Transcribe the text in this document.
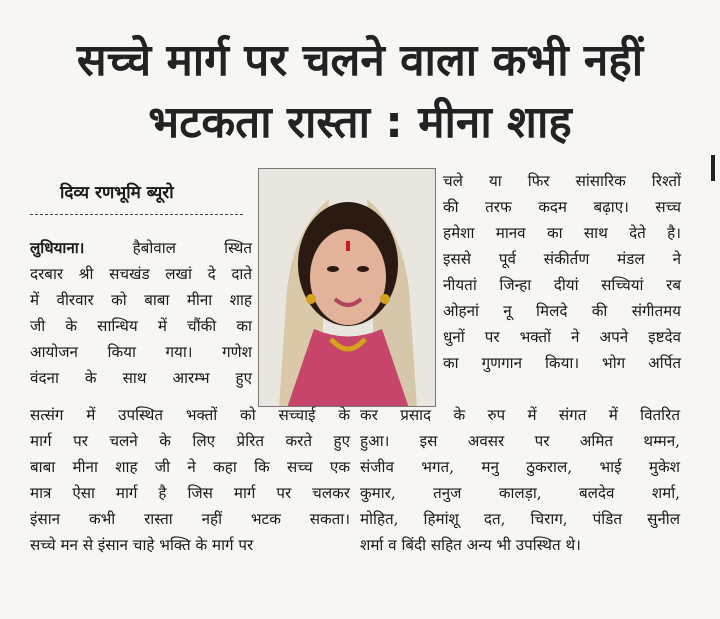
सच्चे मार्ग पर चलने वाला कभी नहीं
भटकता रास्ता : मीना शाह
दिव्य रणभूमि ब्यूरो
लुधियाना। हैबोवाल स्थित
दरबार श्री सचखंड लखां दे दाते
में वीरवार को बाबा मीना शाह
जी के सान्धिय में चौंकी का
आयोजन किया गया। गणेश
वंदना के साथ आरम्भ हुए
चले या फिर सांसारिक रिश्तों
की तरफ कदम बढ़ाए। सच्च
हमेशा मानव का साथ देते है।
इससे पूर्व संकीर्तण मंडल ने
नीयतां जिन्हा दीयां सच्चियां रब
ओहनां नू मिलदे की संगीतमय
धुनों पर भक्तों ने अपने इष्टदेव
का गुणगान किया। भोग अर्पित
सत्संग में उपस्थित भक्तों को सच्चाई के
मार्ग पर चलने के लिए प्रेरित करते हुए
बाबा मीना शाह जी ने कहा कि सच्च एक
मात्र ऐसा मार्ग है जिस मार्ग पर चलकर
इंसान कभी रास्ता नहीं भटक सकता।
सच्चे मन से इंसान चाहे भक्ति के मार्ग पर
कर प्रसाद के रुप में संगत में वितरित
हुआ। इस अवसर पर अमित थम्मन,
संजीव भगत, मनु ठुकराल, भाई मुकेश
कुमार, तनुज कालड़ा, बलदेव शर्मा,
मोहित, हिमांशू दत, चिराग, पंडित सुनील
शर्मा व बिंदी सहित अन्य भी उपस्थित थे।
